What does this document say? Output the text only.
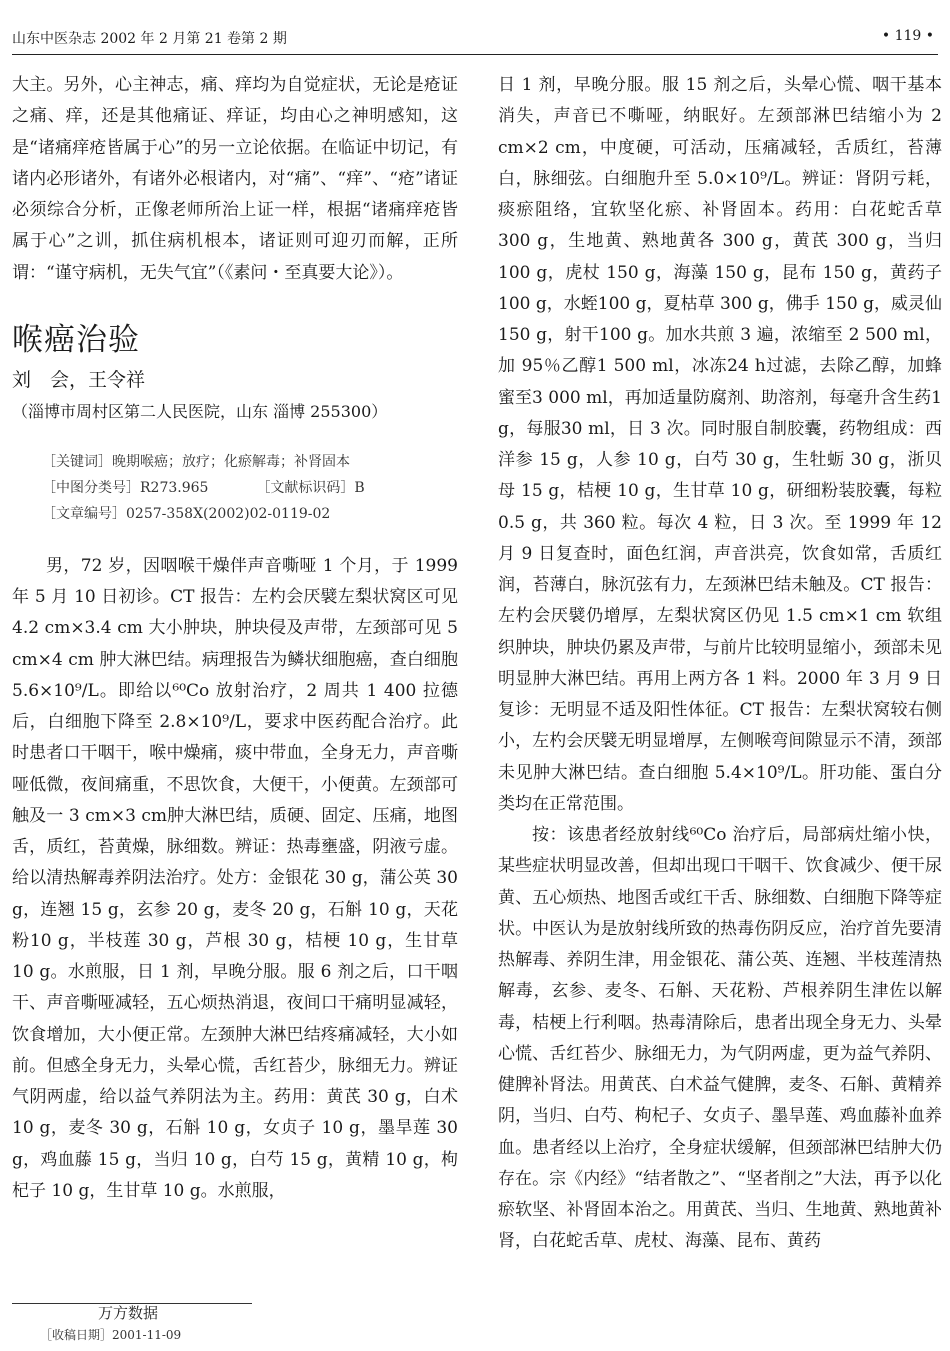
山东中医杂志 2002 年 2 月第 21 卷第 2 期	• 119 •

大主。另外，心主神志，痛、痒均为自觉症状，无论是疮证之痛、痒，还是其他痛证、痒证，均由心之神明感知，这是“诸痛痒疮皆属于心”的另一立论依据。在临证中切记，有诸内必形诸外，有诸外必根诸内，对“痛”、“痒”、“疮”诸证必须综合分析，正像老师所治上证一样，根据“诸痛痒疮皆属于心”之训，抓住病机根本，诸证则可迎刃而解，正所谓：“谨守病机，无失气宜”（《素问・至真要大论》）。

喉癌治验
刘　会，王令祥
（淄博市周村区第二人民医院，山东 淄博 255300）
［关键词］晚期喉癌；放疗；化瘀解毒；补肾固本
［中图分类号］R273.965	［文献标识码］B
［文章编号］0257-358X(2002)02-0119-02

男，72 岁，因咽喉干燥伴声音嘶哑 1 个月，于 1999 年 5 月 10 日初诊。CT 报告：左杓会厌襞左梨状窝区可见 4.2 cm×3.4 cm 大小肿块，肿块侵及声带，左颈部可见 5 cm×4 cm 肿大淋巴结。病理报告为鳞状细胞癌，查白细胞 5.6×10⁹/L。即给以⁶⁰Co 放射治疗，2 周共 1 400 拉德后，白细胞下降至 2.8×10⁹/L，要求中医药配合治疗。此时患者口干咽干，喉中燥痛，痰中带血，全身无力，声音嘶哑低微，夜间痛重，不思饮食，大便干，小便黄。左颈部可触及一 3 cm×3 cm肿大淋巴结，质硬、固定、压痛，地图舌，质红，苔黄燥，脉细数。辨证：热毒壅盛，阴液亏虚。给以清热解毒养阴法治疗。处方：金银花 30 g，蒲公英 30 g，连翘 15 g，玄参 20 g，麦冬 20 g，石斛 10 g，天花粉10 g，半枝莲 30 g，芦根 30 g，桔梗 10 g，生甘草 10 g。水煎服，日 1 剂，早晚分服。服 6 剂之后，口干咽干、声音嘶哑减轻，五心烦热消退，夜间口干痛明显减轻，饮食增加，大小便正常。左颈肿大淋巴结疼痛减轻，大小如前。但感全身无力，头晕心慌，舌红苔少，脉细无力。辨证气阴两虚，给以益气养阴法为主。药用：黄芪 30 g，白术 10 g，麦冬 30 g，石斛 10 g，女贞子 10 g，墨旱莲 30 g，鸡血藤 15 g，当归 10 g，白芍 15 g，黄精 10 g，枸杞子 10 g，生甘草 10 g。水煎服，

万方数据
［收稿日期］2001-11-09

日 1 剂，早晚分服。服 15 剂之后，头晕心慌、咽干基本消失，声音已不嘶哑，纳眠好。左颈部淋巴结缩小为 2 cm×2 cm，中度硬，可活动，压痛减轻，舌质红，苔薄白，脉细弦。白细胞升至 5.0×10⁹/L。辨证：肾阴亏耗，痰瘀阻络，宜软坚化瘀、补肾固本。药用：白花蛇舌草 300 g，生地黄、熟地黄各 300 g，黄芪 300 g，当归 100 g，虎杖 150 g，海藻 150 g，昆布 150 g，黄药子 100 g，水蛭100 g，夏枯草 300 g，佛手 150 g，威灵仙150 g，射干100 g。加水共煎 3 遍，浓缩至 2 500 ml，加 95％乙醇1 500 ml，冰冻24 h过滤，去除乙醇，加蜂蜜至3 000 ml，再加适量防腐剂、助溶剂，每毫升含生药1 g，每服30 ml，日 3 次。同时服自制胶囊，药物组成：西洋参 15 g，人参 10 g，白芍 30 g，生牡蛎 30 g，浙贝母 15 g，桔梗 10 g，生甘草 10 g，研细粉装胶囊，每粒0.5 g，共 360 粒。每次 4 粒，日 3 次。至 1999 年 12 月 9 日复查时，面色红润，声音洪亮，饮食如常，舌质红润，苔薄白，脉沉弦有力，左颈淋巴结未触及。CT 报告：左杓会厌襞仍增厚，左梨状窝区仍见 1.5 cm×1 cm 软组织肿块，肿块仍累及声带，与前片比较明显缩小，颈部未见明显肿大淋巴结。再用上两方各 1 料。2000 年 3 月 9 日复诊：无明显不适及阳性体征。CT 报告：左梨状窝较右侧小，左杓会厌襞无明显增厚，左侧喉弯间隙显示不清，颈部未见肿大淋巴结。查白细胞 5.4×10⁹/L。肝功能、蛋白分类均在正常范围。

按：该患者经放射线⁶⁰Co 治疗后，局部病灶缩小快，某些症状明显改善，但却出现口干咽干、饮食减少、便干尿黄、五心烦热、地图舌或红干舌、脉细数、白细胞下降等症状。中医认为是放射线所致的热毒伤阴反应，治疗首先要清热解毒、养阴生津，用金银花、蒲公英、连翘、半枝莲清热解毒，玄参、麦冬、石斛、天花粉、芦根养阴生津佐以解毒，桔梗上行利咽。热毒清除后，患者出现全身无力、头晕心慌、舌红苔少、脉细无力，为气阴两虚，更为益气养阴、健脾补肾法。用黄芪、白术益气健脾，麦冬、石斛、黄精养阴，当归、白芍、枸杞子、女贞子、墨旱莲、鸡血藤补血养血。患者经以上治疗，全身症状缓解，但颈部淋巴结肿大仍存在。宗《内经》“结者散之”、“坚者削之”大法，再予以化瘀软坚、补肾固本治之。用黄芪、当归、生地黄、熟地黄补肾，白花蛇舌草、虎杖、海藻、昆布、黄药
